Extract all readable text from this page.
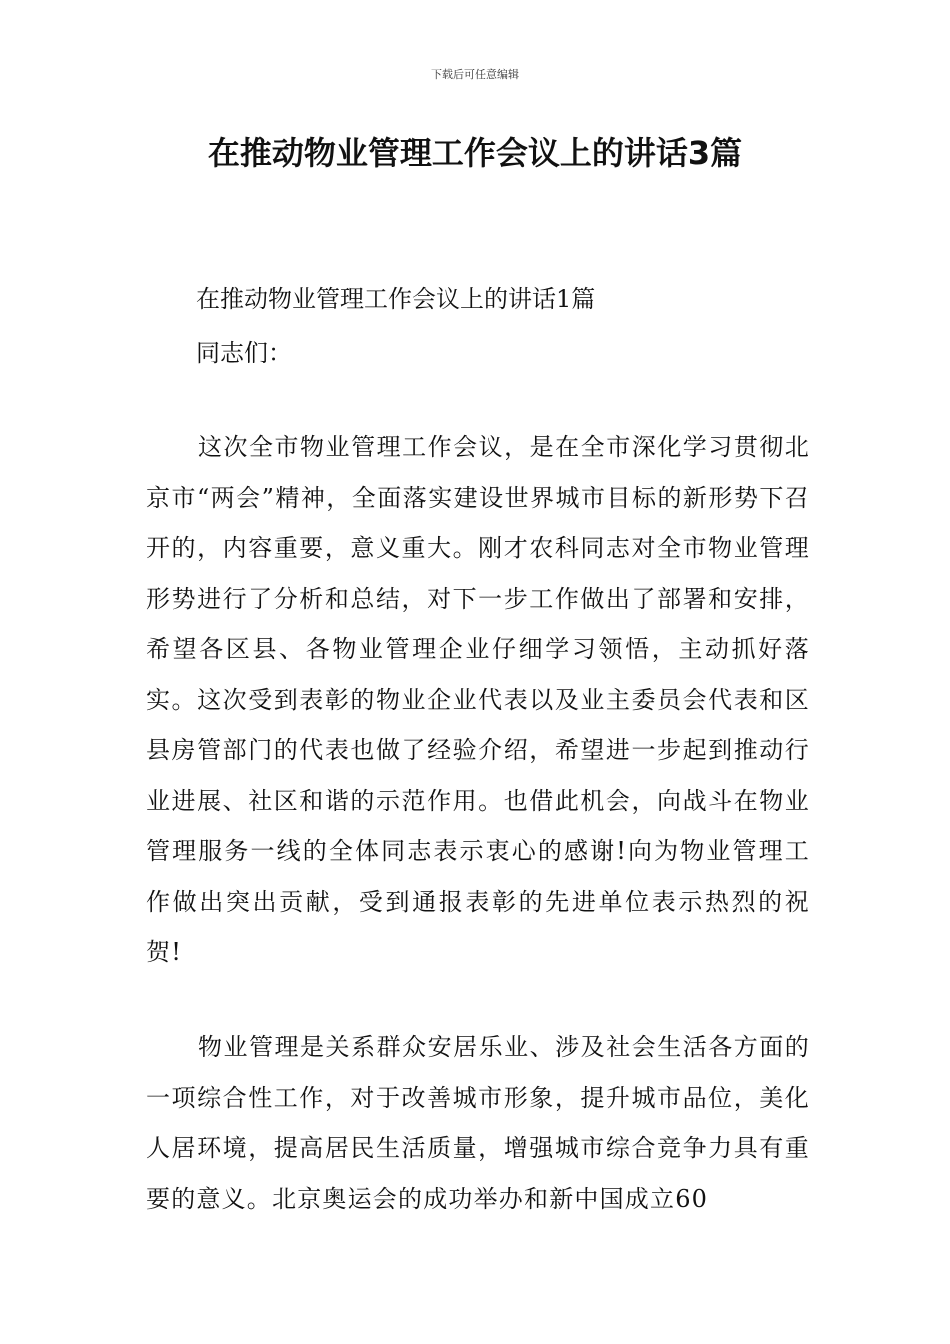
下载后可任意编辑
在推动物业管理工作会议上的讲话3篇
在推动物业管理工作会议上的讲话1篇
同志们：

这次全市物业管理工作会议，是在全市深化学习贯彻北京市“两会”精神，全面落实建设世界城市目标的新形势下召开的，内容重要，意义重大。刚才农科同志对全市物业管理形势进行了分析和总结，对下一步工作做出了部署和安排，希望各区县、各物业管理企业仔细学习领悟，主动抓好落实。这次受到表彰的物业企业代表以及业主委员会代表和区县房管部门的代表也做了经验介绍，希望进一步起到推动行业进展、社区和谐的示范作用。也借此机会，向战斗在物业管理服务一线的全体同志表示衷心的感谢!向为物业管理工作做出突出贡献，受到通报表彰的先进单位表示热烈的祝贺!

物业管理是关系群众安居乐业、涉及社会生活各方面的一项综合性工作，对于改善城市形象，提升城市品位，美化人居环境，提高居民生活质量，增强城市综合竞争力具有重要的意义。北京奥运会的成功举办和新中国成立60
